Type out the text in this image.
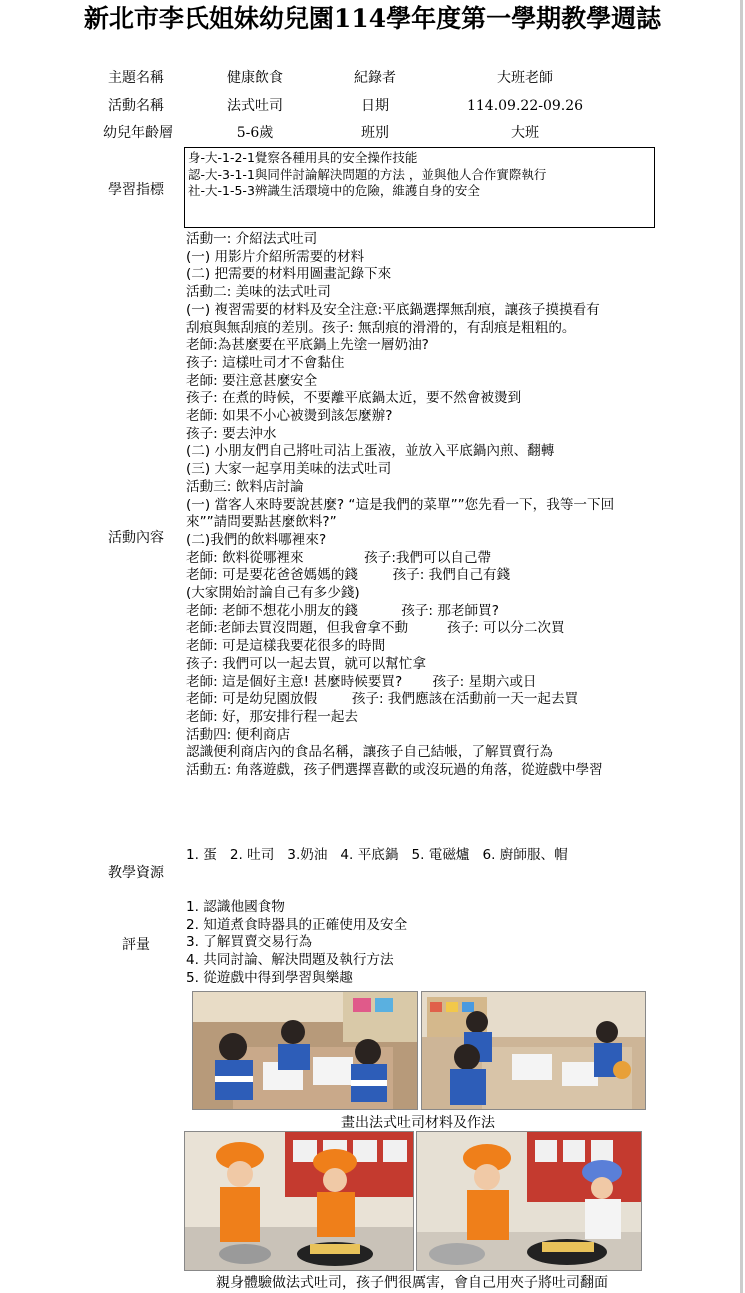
新北市李氏姐妹幼兒園114學年度第一學期教學週誌
主題名稱	健康飲食	紀錄者	大班老師
活動名稱	法式吐司	日期	114.09.22-09.26
幼兒年齡層	5-6歲	班別	大班
學習指標
身-大-1-2-1覺察各種用具的安全操作技能
認-大-3-1-1與同伴討論解決問題的方法 ，並與他人合作實際執行
社-大-1-5-3辨識生活環境中的危險，維護自身的安全
活動內容
活動一: 介紹法式吐司
(一) 用影片介紹所需要的材料
(二) 把需要的材料用圖畫記錄下來
活動二: 美味的法式吐司
(一) 複習需要的材料及安全注意:平底鍋選擇無刮痕，讓孩子摸摸看有
刮痕與無刮痕的差別。孩子: 無刮痕的滑滑的，有刮痕是粗粗的。
老師:為甚麼要在平底鍋上先塗一層奶油?
孩子: 這樣吐司才不會黏住
老師: 要注意甚麼安全
孩子: 在煮的時候，不要離平底鍋太近，要不然會被燙到
老師: 如果不小心被燙到該怎麼辦?
孩子: 要去沖水
(二) 小朋友們自己將吐司沾上蛋液，並放入平底鍋內煎、翻轉
(三) 大家一起享用美味的法式吐司
活動三: 飲料店討論
(一) 當客人來時要說甚麼? “這是我們的菜單””您先看一下，我等一下回
來””請問要點甚麼飲料?”
(二)我們的飲料哪裡來?
老師: 飲料從哪裡來              孩子:我們可以自己帶
老師: 可是要花爸爸媽媽的錢        孩子: 我們自己有錢
(大家開始討論自己有多少錢)
老師: 老師不想花小朋友的錢          孩子: 那老師買?
老師:老師去買沒問題，但我會拿不動         孩子: 可以分二次買
老師: 可是這樣我要花很多的時間
孩子: 我們可以一起去買，就可以幫忙拿
老師: 這是個好主意! 甚麼時候要買?       孩子: 星期六或日
老師: 可是幼兒園放假        孩子: 我們應該在活動前一天一起去買
老師: 好，那安排行程一起去
活動四: 便利商店
認識便利商店內的食品名稱，讓孩子自己結帳，了解買賣行為
活動五: 角落遊戲，孩子們選擇喜歡的或沒玩過的角落，從遊戲中學習
教學資源
1. 蛋   2. 吐司   3.奶油   4. 平底鍋   5. 電磁爐   6. 廚師服、帽
評量
1. 認識他國食物
2. 知道煮食時器具的正確使用及安全
3. 了解買賣交易行為
4. 共同討論、解決問題及執行方法
5. 從遊戲中得到學習與樂趣
畫出法式吐司材料及作法
親身體驗做法式吐司，孩子們很厲害，會自己用夾子將吐司翻面
